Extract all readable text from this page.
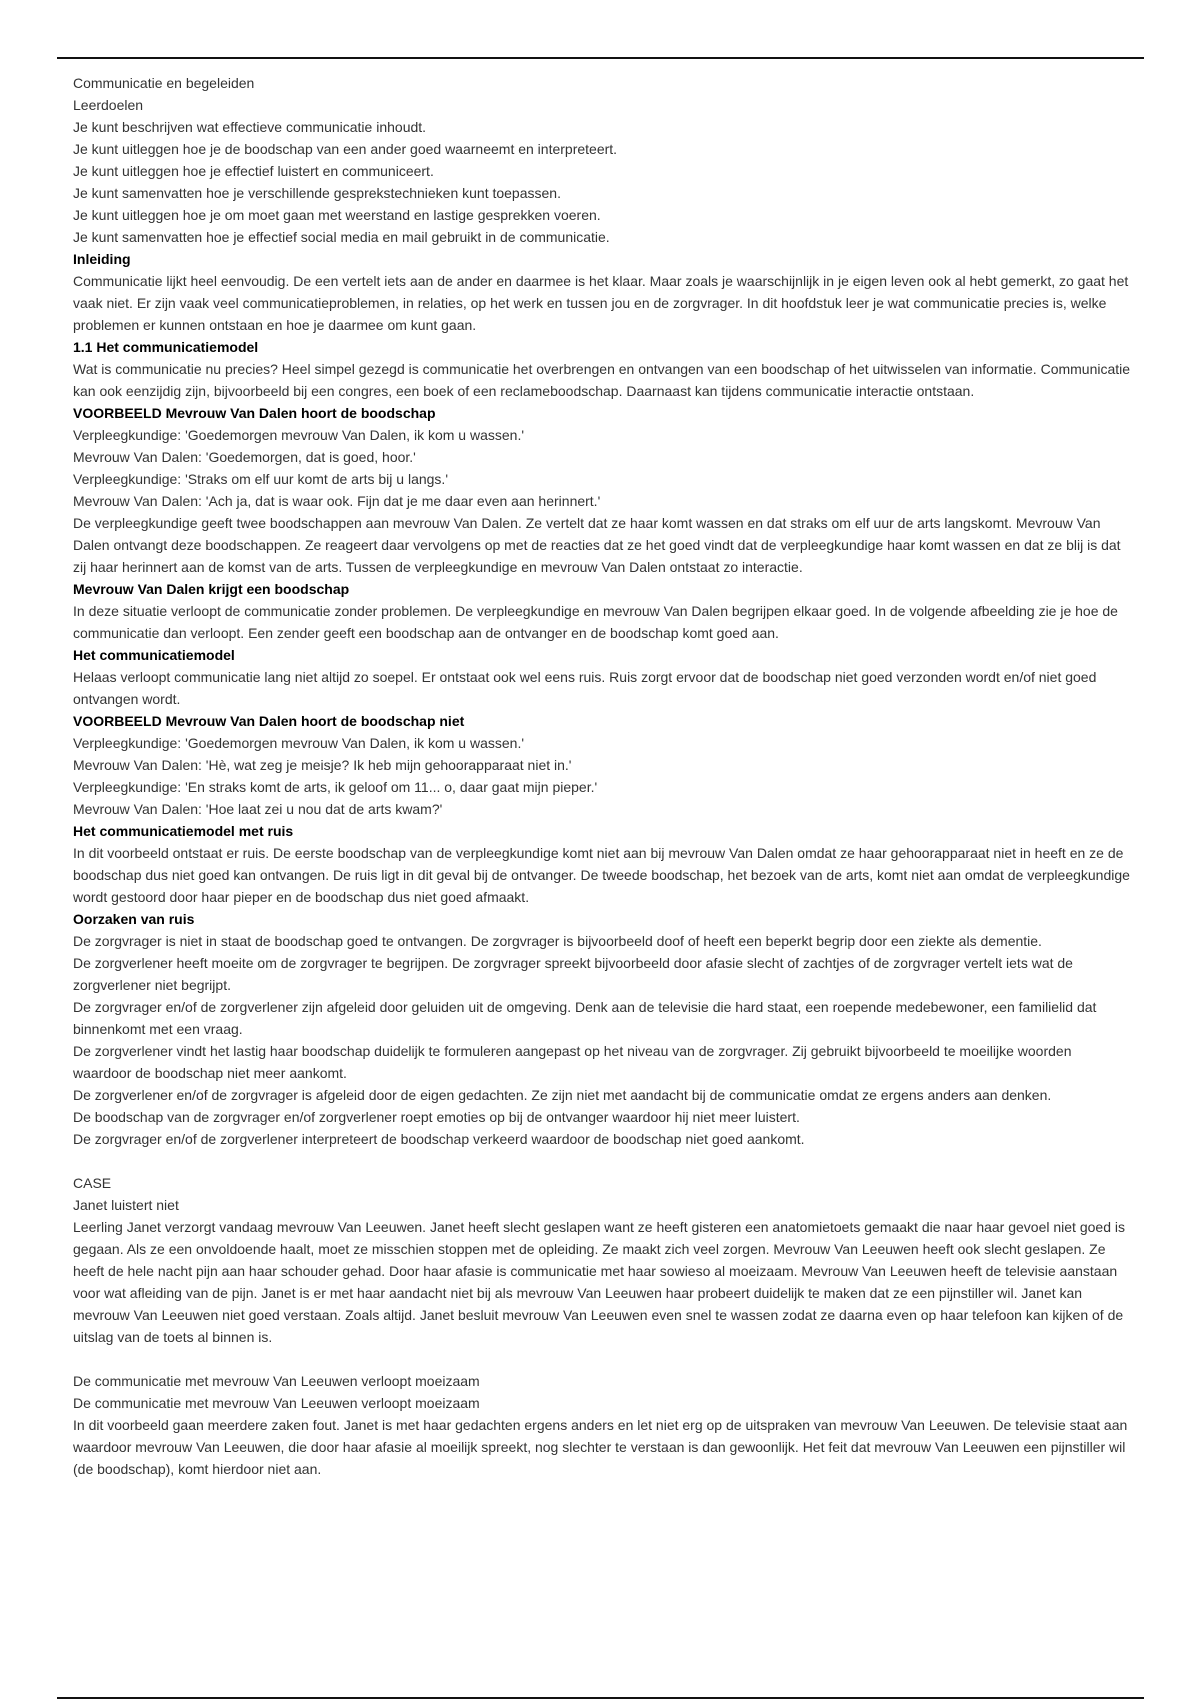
Communicatie en begeleiden

Leerdoelen

Je kunt beschrijven wat effectieve communicatie inhoudt.

Je kunt uitleggen hoe je de boodschap van een ander goed waarneemt en interpreteert.

Je kunt uitleggen hoe je effectief luistert en communiceert.

Je kunt samenvatten hoe je verschillende gesprekstechnieken kunt toepassen.

Je kunt uitleggen hoe je om moet gaan met weerstand en lastige gesprekken voeren.

Je kunt samenvatten hoe je effectief social media en mail gebruikt in de communicatie.

Inleiding

Communicatie lijkt heel eenvoudig. De een vertelt iets aan de ander en daarmee is het klaar. Maar zoals je waarschijnlijk in je eigen leven ook al hebt gemerkt, zo gaat het vaak niet. Er zijn vaak veel communicatieproblemen, in relaties, op het werk en tussen jou en de zorgvrager. In dit hoofdstuk leer je wat communicatie precies is, welke problemen er kunnen ontstaan en hoe je daarmee om kunt gaan.

1.1 Het communicatiemodel

Wat is communicatie nu precies? Heel simpel gezegd is communicatie het overbrengen en ontvangen van een boodschap of het uitwisselen van informatie. Communicatie kan ook eenzijdig zijn, bijvoorbeeld bij een congres, een boek of een reclameboodschap. Daarnaast kan tijdens communicatie interactie ontstaan.

VOORBEELD Mevrouw Van Dalen hoort de boodschap

Verpleegkundige: 'Goedemorgen mevrouw Van Dalen, ik kom u wassen.'

Mevrouw Van Dalen: 'Goedemorgen, dat is goed, hoor.'

Verpleegkundige: 'Straks om elf uur komt de arts bij u langs.'

Mevrouw Van Dalen: 'Ach ja, dat is waar ook. Fijn dat je me daar even aan herinnert.'

De verpleegkundige geeft twee boodschappen aan mevrouw Van Dalen. Ze vertelt dat ze haar komt wassen en dat straks om elf uur de arts langskomt. Mevrouw Van Dalen ontvangt deze boodschappen. Ze reageert daar vervolgens op met de reacties dat ze het goed vindt dat de verpleegkundige haar komt wassen en dat ze blij is dat zij haar herinnert aan de komst van de arts. Tussen de verpleegkundige en mevrouw Van Dalen ontstaat zo interactie.

Mevrouw Van Dalen krijgt een boodschap

In deze situatie verloopt de communicatie zonder problemen. De verpleegkundige en mevrouw Van Dalen begrijpen elkaar goed. In de volgende afbeelding zie je hoe de communicatie dan verloopt. Een zender geeft een boodschap aan de ontvanger en de boodschap komt goed aan.

Het communicatiemodel

Helaas verloopt communicatie lang niet altijd zo soepel. Er ontstaat ook wel eens ruis. Ruis zorgt ervoor dat de boodschap niet goed verzonden wordt en/of niet goed ontvangen wordt.

VOORBEELD Mevrouw Van Dalen hoort de boodschap niet

Verpleegkundige: 'Goedemorgen mevrouw Van Dalen, ik kom u wassen.'

Mevrouw Van Dalen: 'Hè, wat zeg je meisje? Ik heb mijn gehoorapparaat niet in.'

Verpleegkundige: 'En straks komt de arts, ik geloof om 11... o, daar gaat mijn pieper.'

Mevrouw Van Dalen: 'Hoe laat zei u nou dat de arts kwam?'

Het communicatiemodel met ruis

In dit voorbeeld ontstaat er ruis. De eerste boodschap van de verpleegkundige komt niet aan bij mevrouw Van Dalen omdat ze haar gehoorapparaat niet in heeft en ze de boodschap dus niet goed kan ontvangen. De ruis ligt in dit geval bij de ontvanger. De tweede boodschap, het bezoek van de arts, komt niet aan omdat de verpleegkundige wordt gestoord door haar pieper en de boodschap dus niet goed afmaakt.

Oorzaken van ruis

De zorgvrager is niet in staat de boodschap goed te ontvangen. De zorgvrager is bijvoorbeeld doof of heeft een beperkt begrip door een ziekte als dementie.

De zorgverlener heeft moeite om de zorgvrager te begrijpen. De zorgvrager spreekt bijvoorbeeld door afasie slecht of zachtjes of de zorgvrager vertelt iets wat de zorgverlener niet begrijpt.

De zorgvrager en/of de zorgverlener zijn afgeleid door geluiden uit de omgeving. Denk aan de televisie die hard staat, een roepende medebewoner, een familielid dat binnenkomt met een vraag.

De zorgverlener vindt het lastig haar boodschap duidelijk te formuleren aangepast op het niveau van de zorgvrager. Zij gebruikt bijvoorbeeld te moeilijke woorden waardoor de boodschap niet meer aankomt.

De zorgverlener en/of de zorgvrager is afgeleid door de eigen gedachten. Ze zijn niet met aandacht bij de communicatie omdat ze ergens anders aan denken.

De boodschap van de zorgvrager en/of zorgverlener roept emoties op bij de ontvanger waardoor hij niet meer luistert.

De zorgvrager en/of de zorgverlener interpreteert de boodschap verkeerd waardoor de boodschap niet goed aankomt.

CASE

Janet luistert niet

Leerling Janet verzorgt vandaag mevrouw Van Leeuwen. Janet heeft slecht geslapen want ze heeft gisteren een anatomietoets gemaakt die naar haar gevoel niet goed is gegaan. Als ze een onvoldoende haalt, moet ze misschien stoppen met de opleiding. Ze maakt zich veel zorgen. Mevrouw Van Leeuwen heeft ook slecht geslapen. Ze heeft de hele nacht pijn aan haar schouder gehad. Door haar afasie is communicatie met haar sowieso al moeizaam. Mevrouw Van Leeuwen heeft de televisie aanstaan voor wat afleiding van de pijn. Janet is er met haar aandacht niet bij als mevrouw Van Leeuwen haar probeert duidelijk te maken dat ze een pijnstiller wil. Janet kan mevrouw Van Leeuwen niet goed verstaan. Zoals altijd. Janet besluit mevrouw Van Leeuwen even snel te wassen zodat ze daarna even op haar telefoon kan kijken of de uitslag van de toets al binnen is.

De communicatie met mevrouw Van Leeuwen verloopt moeizaam

De communicatie met mevrouw Van Leeuwen verloopt moeizaam

In dit voorbeeld gaan meerdere zaken fout. Janet is met haar gedachten ergens anders en let niet erg op de uitspraken van mevrouw Van Leeuwen. De televisie staat aan waardoor mevrouw Van Leeuwen, die door haar afasie al moeilijk spreekt, nog slechter te verstaan is dan gewoonlijk. Het feit dat mevrouw Van Leeuwen een pijnstiller wil (de boodschap), komt hierdoor niet aan.
